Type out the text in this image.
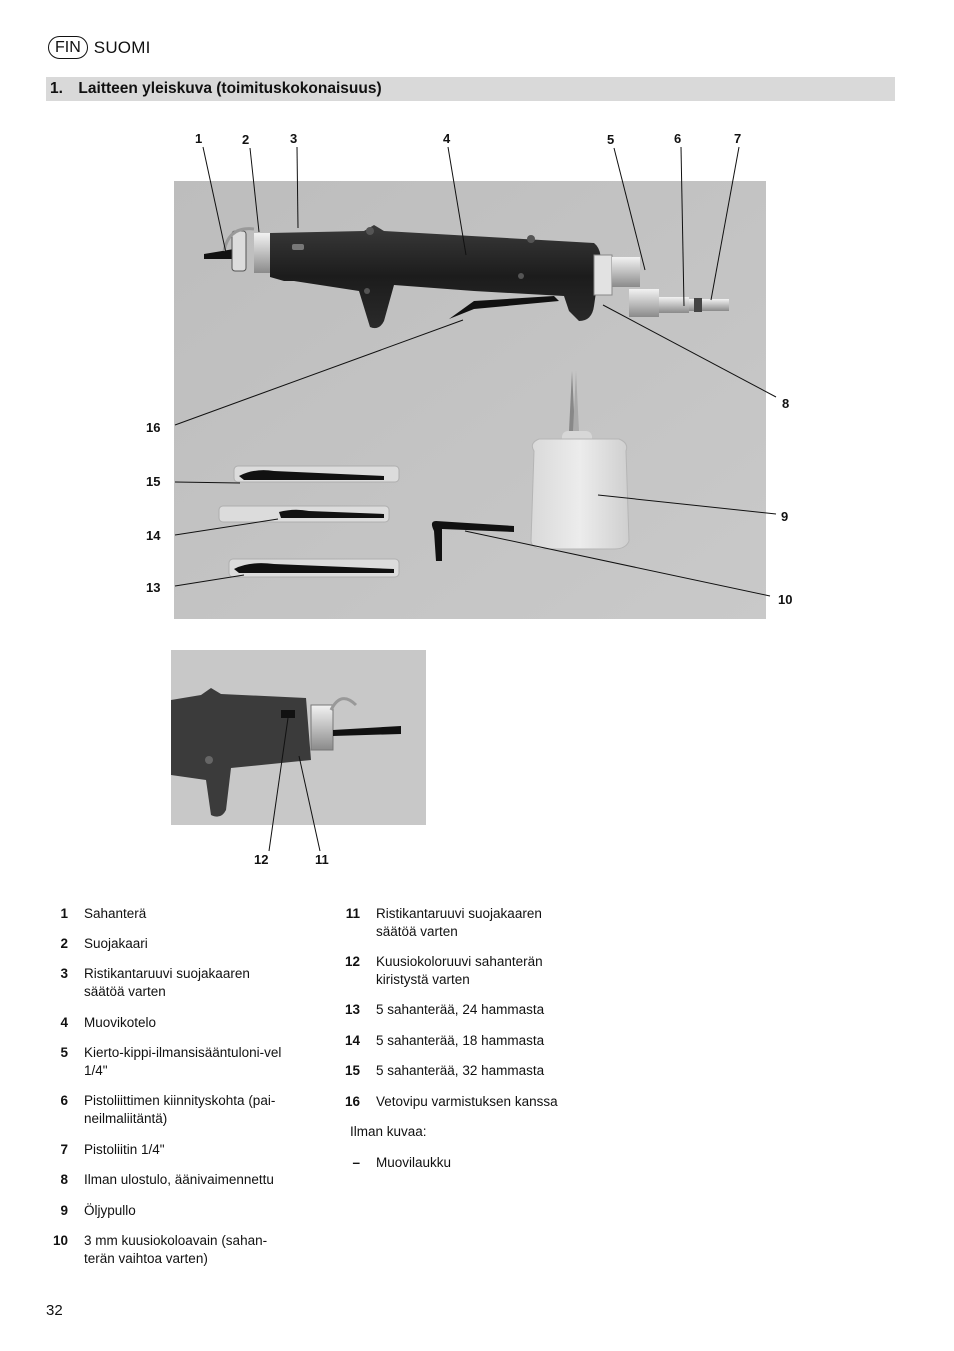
FIN SUOMI
1. Laitteen yleiskuva (toimituskokonaisuus)
1	2	3	4	5	6	7
8
9
10
11
12
13
14
15
16
1 Sahanterä
2 Suojakaari
3 Ristikantaruuvi suojakaaren säätöä varten
4 Muovikotelo
5 Kierto-kippi-ilmansisääntuloni-vel 1/4"
6 Pistoliittimen kiinnityskohta (pai-neilmaliitäntä)
7 Pistoliitin 1/4"
8 Ilman ulostulo, äänivaimennettu
9 Öljypullo
10 3 mm kuusiokoloavain (sahan-terän vaihtoa varten)
11 Ristikantaruuvi suojakaaren säätöä varten
12 Kuusiokoloruuvi sahanterän kiristystä varten
13 5 sahanterää, 24 hammasta
14 5 sahanterää, 18 hammasta
15 5 sahanterää, 32 hammasta
16 Vetovipu varmistuksen kanssa
Ilman kuvaa:
– Muovilaukku
32
